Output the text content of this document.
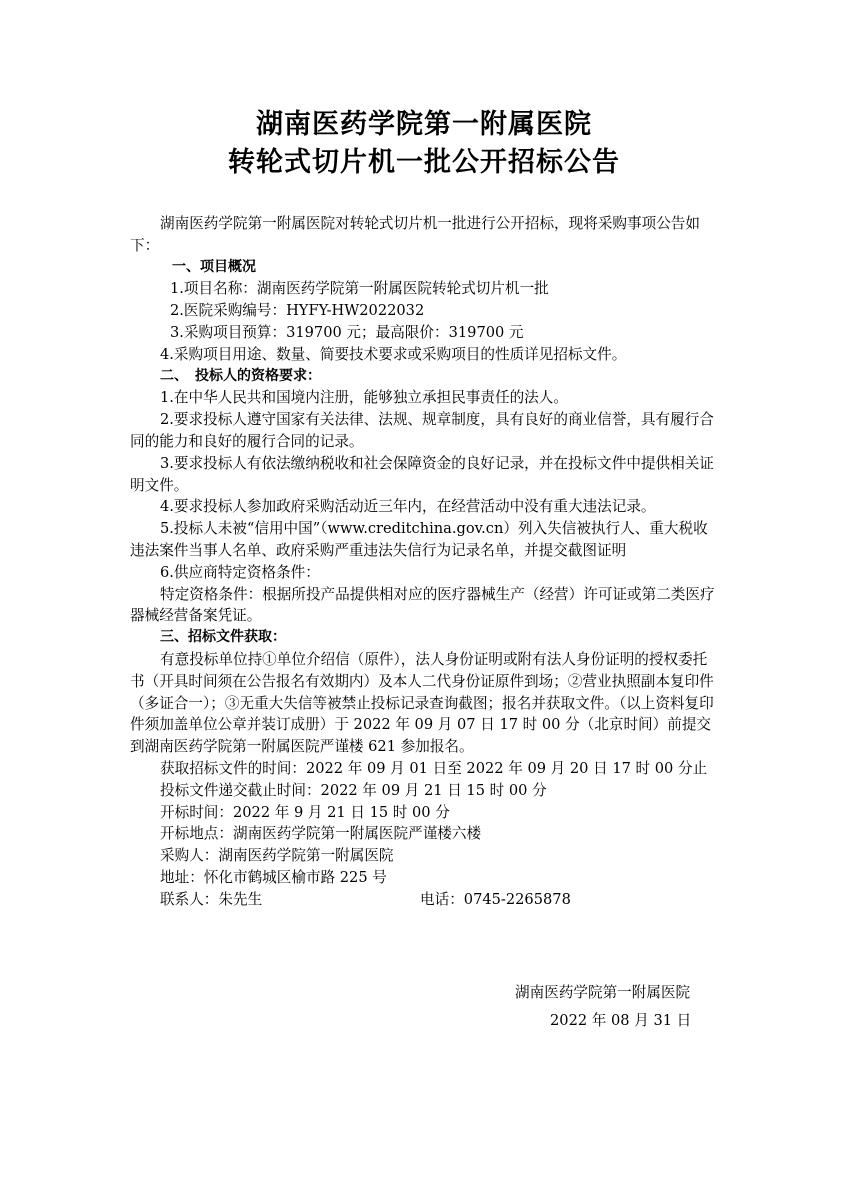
湖南医药学院第一附属医院
转轮式切片机一批公开招标公告

湖南医药学院第一附属医院对转轮式切片机一批进行公开招标，现将采购事项公告如下：

一、项目概况

1.项目名称：湖南医药学院第一附属医院转轮式切片机一批

2.医院采购编号：HYFY-HW2022032

3.采购项目预算：319700 元；最高限价：319700 元

4.采购项目用途、数量、简要技术要求或采购项目的性质详见招标文件。

二、　投标人的资格要求：

1.在中华人民共和国境内注册，能够独立承担民事责任的法人。

2.要求投标人遵守国家有关法律、法规、规章制度，具有良好的商业信誉，具有履行合同的能力和良好的履行合同的记录。

3.要求投标人有依法缴纳税收和社会保障资金的良好记录，并在投标文件中提供相关证明文件。

4.要求投标人参加政府采购活动近三年内，在经营活动中没有重大违法记录。

5.投标人未被“信用中国”（www.creditchina.gov.cn）列入失信被执行人、重大税收违法案件当事人名单、政府采购严重违法失信行为记录名单，并提交截图证明

6.供应商特定资格条件：

特定资格条件：根据所投产品提供相对应的医疗器械生产（经营）许可证或第二类医疗器械经营备案凭证。

三、招标文件获取：

有意投标单位持①单位介绍信（原件），法人身份证明或附有法人身份证明的授权委托书（开具时间须在公告报名有效期内）及本人二代身份证原件到场；②营业执照副本复印件（多证合一）；③无重大失信等被禁止投标记录查询截图；报名并获取文件。（以上资料复印件须加盖单位公章并装订成册）于 2022 年 09 月 07 日 17 时 00 分（北京时间）前提交到湖南医药学院第一附属医院严谨楼 621 参加报名。

获取招标文件的时间：2022 年 09 月 01 日至 2022 年 09 月 20 日 17 时 00 分止

投标文件递交截止时间：2022 年 09 月 21 日 15 时 00 分

开标时间：2022 年 9 月 21 日 15 时 00 分

开标地点：湖南医药学院第一附属医院严谨楼六楼

采购人：湖南医药学院第一附属医院

地址：怀化市鹤城区榆市路 225 号

联系人：朱先生	电话：0745-2265878
湖南医药学院第一附属医院
2022 年 08 月 31 日
